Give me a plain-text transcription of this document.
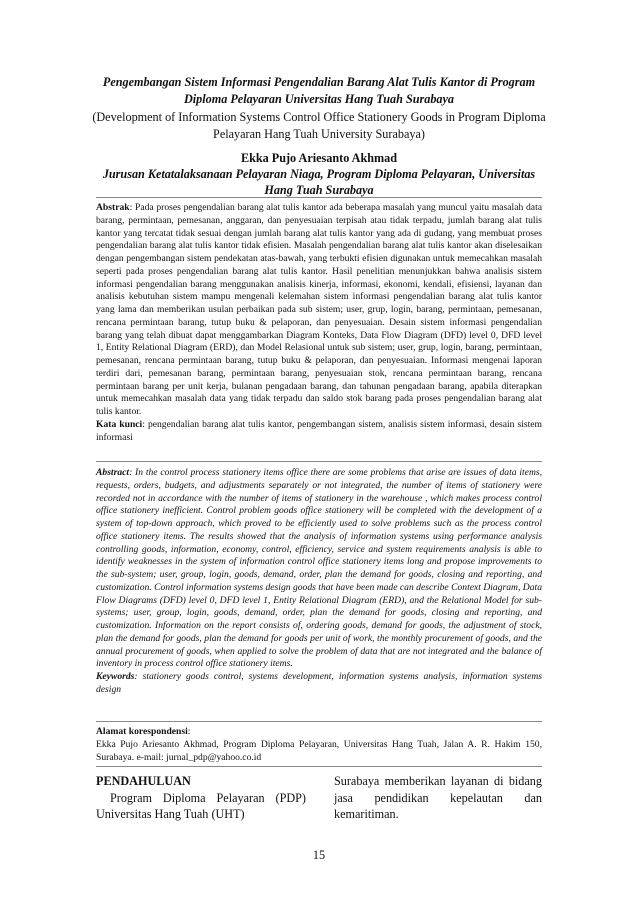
Pengembangan Sistem Informasi Pengendalian Barang Alat Tulis Kantor di Program Diploma Pelayaran Universitas Hang Tuah Surabaya

(Development of Information Systems Control Office Stationery Goods in Program Diploma Pelayaran Hang Tuah University Surabaya)

Ekka Pujo Ariesanto Akhmad

Jurusan Ketatalaksanaan Pelayaran Niaga, Program Diploma Pelayaran, Universitas Hang Tuah Surabaya

Abstrak: Pada proses pengendalian barang alat tulis kantor ada beberapa masalah yang muncul yaitu masalah data barang, permintaan, pemesanan, anggaran, dan penyesuaian terpisah atau tidak terpadu, jumlah barang alat tulis kantor yang tercatat tidak sesuai dengan jumlah barang alat tulis kantor yang ada di gudang, yang membuat proses pengendalian barang alat tulis kantor tidak efisien. Masalah pengendalian barang alat tulis kantor akan diselesaikan dengan pengembangan sistem pendekatan atas-bawah, yang terbukti efisien digunakan untuk memecahkan masalah seperti pada proses pengendalian barang alat tulis kantor. Hasil penelitian menunjukkan bahwa analisis sistem informasi pengendalian barang menggunakan analisis kinerja, informasi, ekonomi, kendali, efisiensi, layanan dan analisis kebutuhan sistem mampu mengenali kelemahan sistem informasi pengendalian barang alat tulis kantor yang lama dan memberikan usulan perbaikan pada sub sistem; user, grup, login, barang, permintaan, pemesanan, rencana permintaan barang, tutup buku & pelaporan, dan penyesuaian. Desain sistem informasi pengendalian barang yang telah dibuat dapat menggambarkan Diagram Konteks, Data Flow Diagram (DFD) level 0, DFD level 1, Entity Relational Diagram (ERD), dan Model Relasional untuk sub sistem; user, grup, login, barang, permintaan, pemesanan, rencana permintaan barang, tutup buku & pelaporan, dan penyesuaian. Informasi mengenai laporan terdiri dari, pemesanan barang, permintaan barang, penyesuaian stok, rencana permintaan barang, rencana permintaan barang per unit kerja, bulanan pengadaan barang, dan tahunan pengadaan barang, apabila diterapkan untuk memecahkan masalah data yang tidak terpadu dan saldo stok barang pada proses pengendalian barang alat tulis kantor.

Kata kunci: pengendalian barang alat tulis kantor, pengembangan sistem, analisis sistem informasi, desain sistem informasi

Abstract: In the control process stationery items office there are some problems that arise are issues of data items, requests, orders, budgets, and adjustments separately or not integrated, the number of items of stationery were recorded not in accordance with the number of items of stationery in the warehouse , which makes process control office stationery inefficient. Control problem goods office stationery will be completed with the development of a system of top-down approach, which proved to be efficiently used to solve problems such as the process control office stationery items. The results showed that the analysis of information systems using performance analysis controlling goods, information, economy, control, efficiency, service and system requirements analysis is able to identify weaknesses in the system of information control office stationery items long and propose improvements to the sub-system; user, group, login, goods, demand, order, plan the demand for goods, closing and reporting, and customization. Control information systems design goods that have been made can describe Context Diagram, Data Flow Diagrams (DFD) level 0, DFD level 1, Entity Relational Diagram (ERD), and the Relational Model for sub-systems; user, group, login, goods, demand, order, plan the demand for goods, closing and reporting, and customization. Information on the report consists of, ordering goods, demand for goods, the adjustment of stock, plan the demand for goods, plan the demand for goods per unit of work, the monthly procurement of goods, and the annual procurement of goods, when applied to solve the problem of data that are not integrated and the balance of inventory in process control office stationery items.

Keywords: stationery goods control, systems development, information systems analysis, information systems design

Alamat korespondensi:

Ekka Pujo Ariesanto Akhmad, Program Diploma Pelayaran, Universitas Hang Tuah, Jalan A. R. Hakim 150, Surabaya. e-mail: jurnal_pdp@yahoo.co.id

PENDAHULUAN

Program Diploma Pelayaran (PDP) Universitas Hang Tuah (UHT)

Surabaya memberikan layanan di bidang jasa pendidikan kepelautan dan kemaritiman.

15
